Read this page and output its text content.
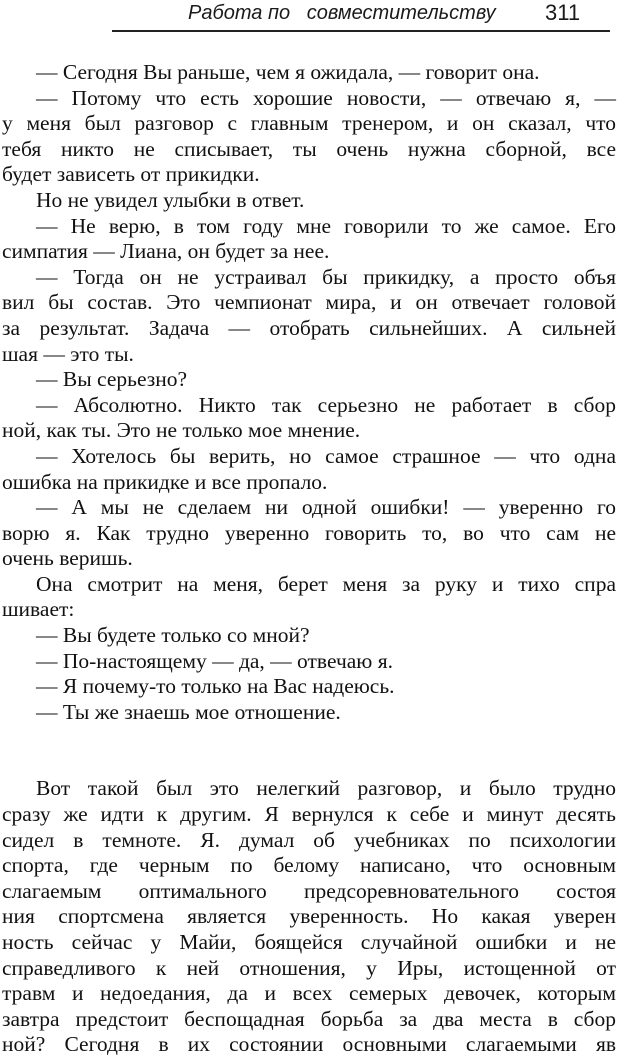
Работа по   совместительству 311
— Сегодня Вы раньше, чем я ожидала, — говорит она.
— Потому что есть хорошие новости, — отвечаю я, —
у меня был разговор с главным тренером, и он сказал, что
тебя никто не списывает, ты очень нужна сборной, все
будет зависеть от прикидки.
Но не увидел улыбки в ответ.
— Не верю, в том году мне говорили то же самое. Его
симпатия — Лиана, он будет за нее.
— Тогда он не устраивал бы прикидку, а просто объя
вил бы состав. Это чемпионат мира, и он отвечает головой
за результат. Задача — отобрать сильнейших. А сильней
шая — это ты.
— Вы серьезно?
— Абсолютно. Никто так серьезно не работает в сбор
ной, как ты. Это не только мое мнение.
— Хотелось бы верить, но самое страшное — что одна
ошибка на прикидке и все пропало.
— А мы не сделаем ни одной ошибки! — уверенно го
ворю я. Как трудно уверенно говорить то, во что сам не
очень веришь.
Она смотрит на меня, берет меня за руку и тихо спра
шивает:
— Вы будете только со мной?
— По-настоящему — да, — отвечаю я.
— Я почему-то только на Вас надеюсь.
— Ты же знаешь мое отношение.
Вот такой был это нелегкий разговор, и было трудно
сразу же идти к другим. Я вернулся к себе и минут десять
сидел в темноте. Я. думал об учебниках по психологии
спорта, где черным по белому написано, что основным
слагаемым оптимального предсоревновательного состоя
ния спортсмена является уверенность. Но какая уверен
ность сейчас у Майи, боящейся случайной ошибки и не
справедливого к ней отношения, у Иры, истощенной от
травм и недоедания, да и всех семерых девочек, которым
завтра предстоит беспощадная борьба за два места в сбор
ной? Сегодня в их состоянии основными слагаемыми яв
